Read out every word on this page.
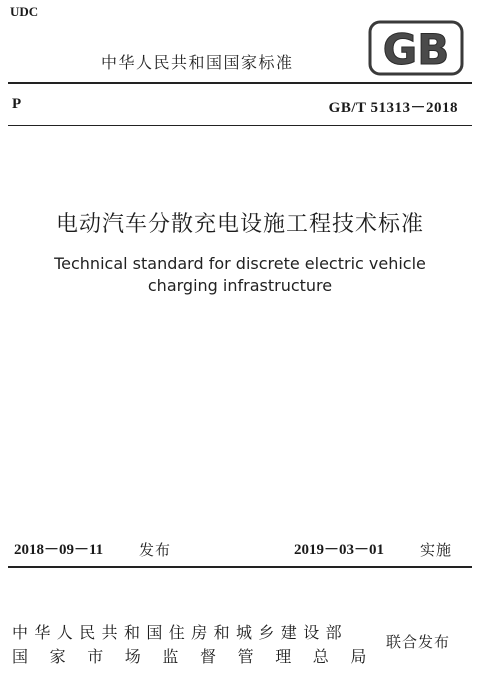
UDC
中华人民共和国国家标准 GB
P	GB/T 51313－2018
电动汽车分散充电设施工程技术标准
Technical standard for discrete electric vehicle
charging infrastructure
2018－09－11 发布	2019－03－01 实施
中华人民共和国住房和城乡建设部
国家市场监督管理总局
联合发布
